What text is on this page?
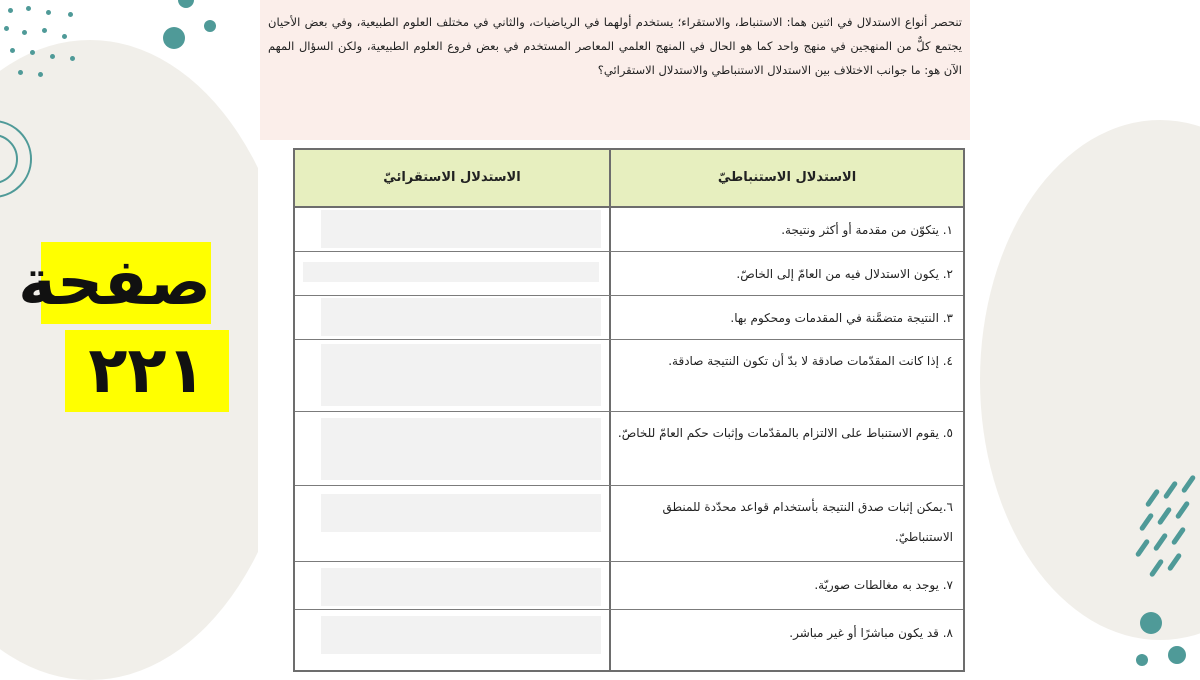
صفحة
٢٢١
تنحصر أنواع الاستدلال في اثنين هما: الاستنباط، والاستقراء؛ يستخدم أولهما في الرياضيات، والثاني في مختلف العلوم الطبيعية، وفي بعض الأحيان يجتمع كلٌّ من المنهجين في منهج واحد كما هو الحال في المنهج العلمي المعاصر المستخدم في بعض فروع العلوم الطبيعية، ولكن السؤال المهم الآن هو: ما جوانب الاختلاف بين الاستدلال الاستنباطي والاستدلال الاستقرائي؟
الاستدلال الاستنباطيّ
الاستدلال الاستقرائيّ
١. يتكوّن من مقدمة أو أكثر ونتيجة.
٢. يكون الاستدلال فيه من العامّ إلى الخاصّ.
٣. النتيجة متضمَّنة في المقدمات ومحكوم بها.
٤. إذا كانت المقدّمات صادقة لا بدّ أن تكون النتيجة صادقة.
٥. يقوم الاستنباط على الالتزام بالمقدّمات وإثبات حكم العامّ للخاصّ.
٦.يمكن إثبات صدق النتيجة بأستخدام قواعد محدّدة للمنطق الاستنباطيّ.
٧. يوجد به مغالطات صوريّة.
٨. قد يكون مباشرًا أو غير مباشر.
